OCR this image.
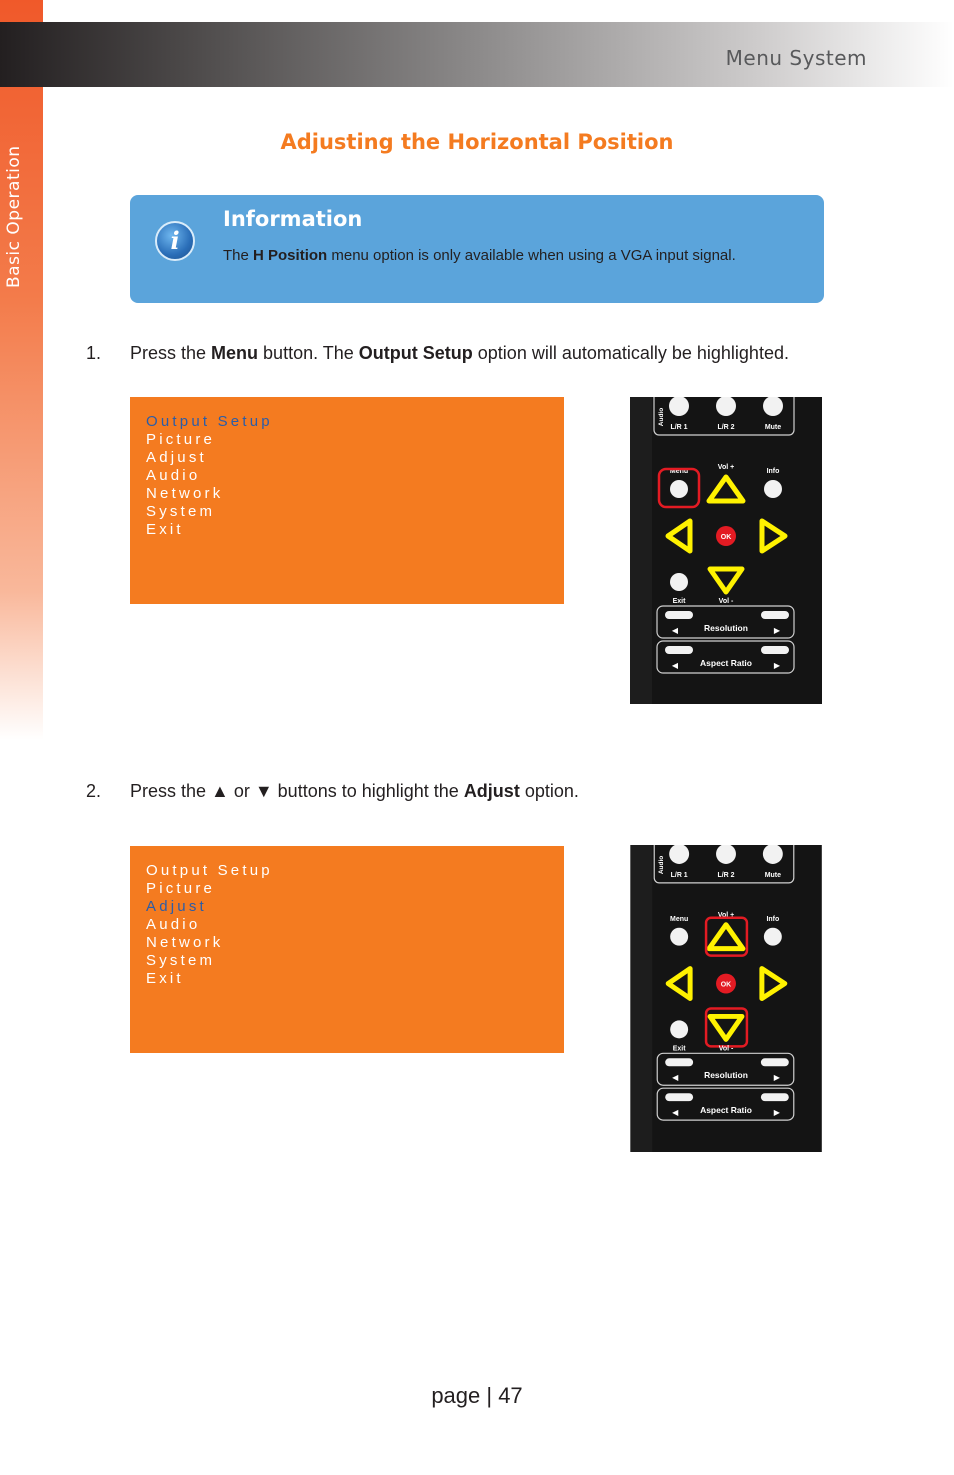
Basic Operation
Menu System
Adjusting the Horizontal Position
i
Information
The H Position menu option is only available when using a VGA input signal.
1. Press the Menu button. The Output Setup option will automatically be highlighted.
Output Setup
Picture
Adjust
Audio
Network
System
Exit
Audio
L/R 1	L/R 2	Mute
Menu
Vol +
Info
OK
Exit	Vol -
◀	▶
Resolution
◀	▶
Aspect Ratio
2. Press the ▲ or ▼ buttons to highlight the Adjust option.
Output Setup
Picture
Adjust
Audio
Network
System
Exit
Audio
L/R 1	L/R 2	Mute
Menu
Vol +
Info
OK
Exit	Vol -
◀	▶
Resolution
◀	▶
Aspect Ratio
page | 47
